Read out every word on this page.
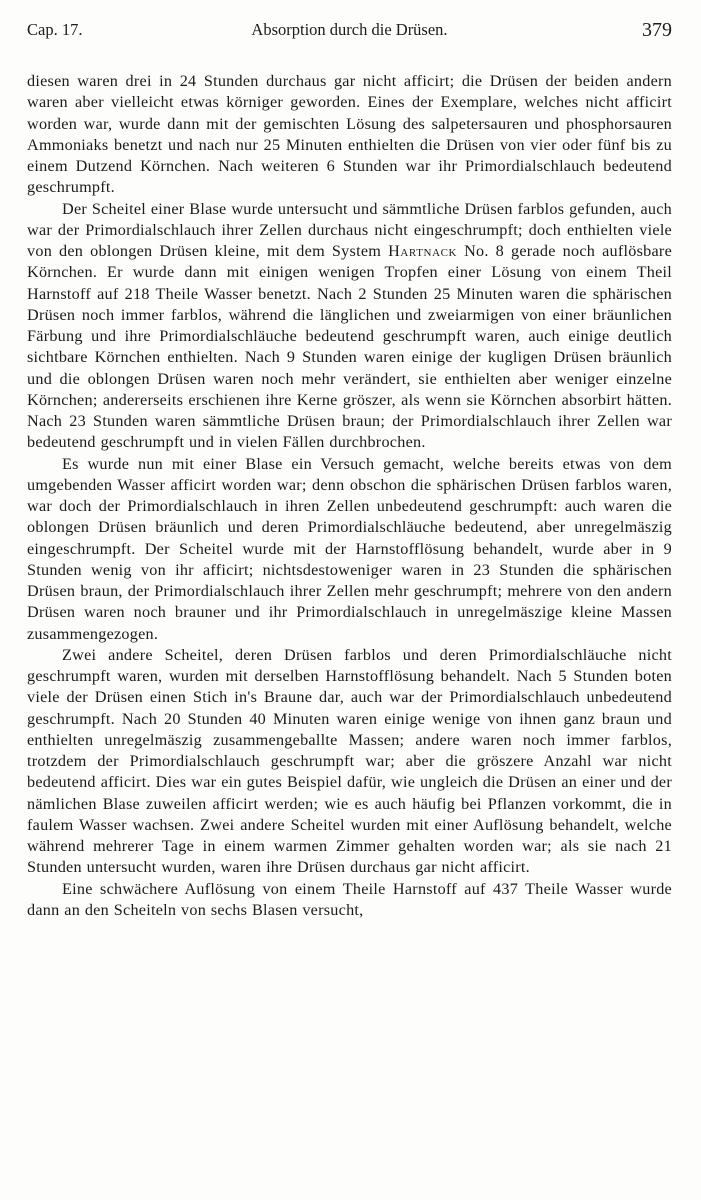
Cap. 17.	Absorption durch die Drüsen.	379

diesen waren drei in 24 Stunden durchaus gar nicht afficirt; die Drüsen der beiden andern waren aber vielleicht etwas körniger geworden. Eines der Exemplare, welches nicht afficirt worden war, wurde dann mit der gemischten Lösung des salpetersauren und phosphorsauren Ammoniaks benetzt und nach nur 25 Minuten enthielten die Drüsen von vier oder fünf bis zu einem Dutzend Körnchen. Nach weiteren 6 Stunden war ihr Primordialschlauch bedeutend geschrumpft.

Der Scheitel einer Blase wurde untersucht und sämmtliche Drüsen farblos gefunden, auch war der Primordialschlauch ihrer Zellen durchaus nicht eingeschrumpft; doch enthielten viele von den oblongen Drüsen kleine, mit dem System Hartnack No. 8 gerade noch auflösbare Körnchen. Er wurde dann mit einigen wenigen Tropfen einer Lösung von einem Theil Harnstoff auf 218 Theile Wasser benetzt. Nach 2 Stunden 25 Minuten waren die sphärischen Drüsen noch immer farblos, während die länglichen und zweiarmigen von einer bräunlichen Färbung und ihre Primordialschläuche bedeutend geschrumpft waren, auch einige deutlich sichtbare Körnchen enthielten. Nach 9 Stunden waren einige der kugligen Drüsen bräunlich und die oblongen Drüsen waren noch mehr verändert, sie enthielten aber weniger einzelne Körnchen; andererseits erschienen ihre Kerne gröszer, als wenn sie Körnchen absorbirt hätten. Nach 23 Stunden waren sämmtliche Drüsen braun; der Primordialschlauch ihrer Zellen war bedeutend geschrumpft und in vielen Fällen durchbrochen.

Es wurde nun mit einer Blase ein Versuch gemacht, welche bereits etwas von dem umgebenden Wasser afficirt worden war; denn obschon die sphärischen Drüsen farblos waren, war doch der Primordialschlauch in ihren Zellen unbedeutend geschrumpft: auch waren die oblongen Drüsen bräunlich und deren Primordialschläuche bedeutend, aber unregelmäszig eingeschrumpft. Der Scheitel wurde mit der Harnstofflösung behandelt, wurde aber in 9 Stunden wenig von ihr afficirt; nichtsdestoweniger waren in 23 Stunden die sphärischen Drüsen braun, der Primordialschlauch ihrer Zellen mehr geschrumpft; mehrere von den andern Drüsen waren noch brauner und ihr Primordialschlauch in unregelmäszige kleine Massen zusammengezogen.

Zwei andere Scheitel, deren Drüsen farblos und deren Primordialschläuche nicht geschrumpft waren, wurden mit derselben Harnstofflösung behandelt. Nach 5 Stunden boten viele der Drüsen einen Stich in's Braune dar, auch war der Primordialschlauch unbedeutend geschrumpft. Nach 20 Stunden 40 Minuten waren einige wenige von ihnen ganz braun und enthielten unregelmäszig zusammengeballte Massen; andere waren noch immer farblos, trotzdem der Primordialschlauch geschrumpft war; aber die gröszere Anzahl war nicht bedeutend afficirt. Dies war ein gutes Beispiel dafür, wie ungleich die Drüsen an einer und der nämlichen Blase zuweilen afficirt werden; wie es auch häufig bei Pflanzen vorkommt, die in faulem Wasser wachsen. Zwei andere Scheitel wurden mit einer Auflösung behandelt, welche während mehrerer Tage in einem warmen Zimmer gehalten worden war; als sie nach 21 Stunden untersucht wurden, waren ihre Drüsen durchaus gar nicht afficirt.

Eine schwächere Auflösung von einem Theile Harnstoff auf 437 Theile Wasser wurde dann an den Scheiteln von sechs Blasen versucht,
